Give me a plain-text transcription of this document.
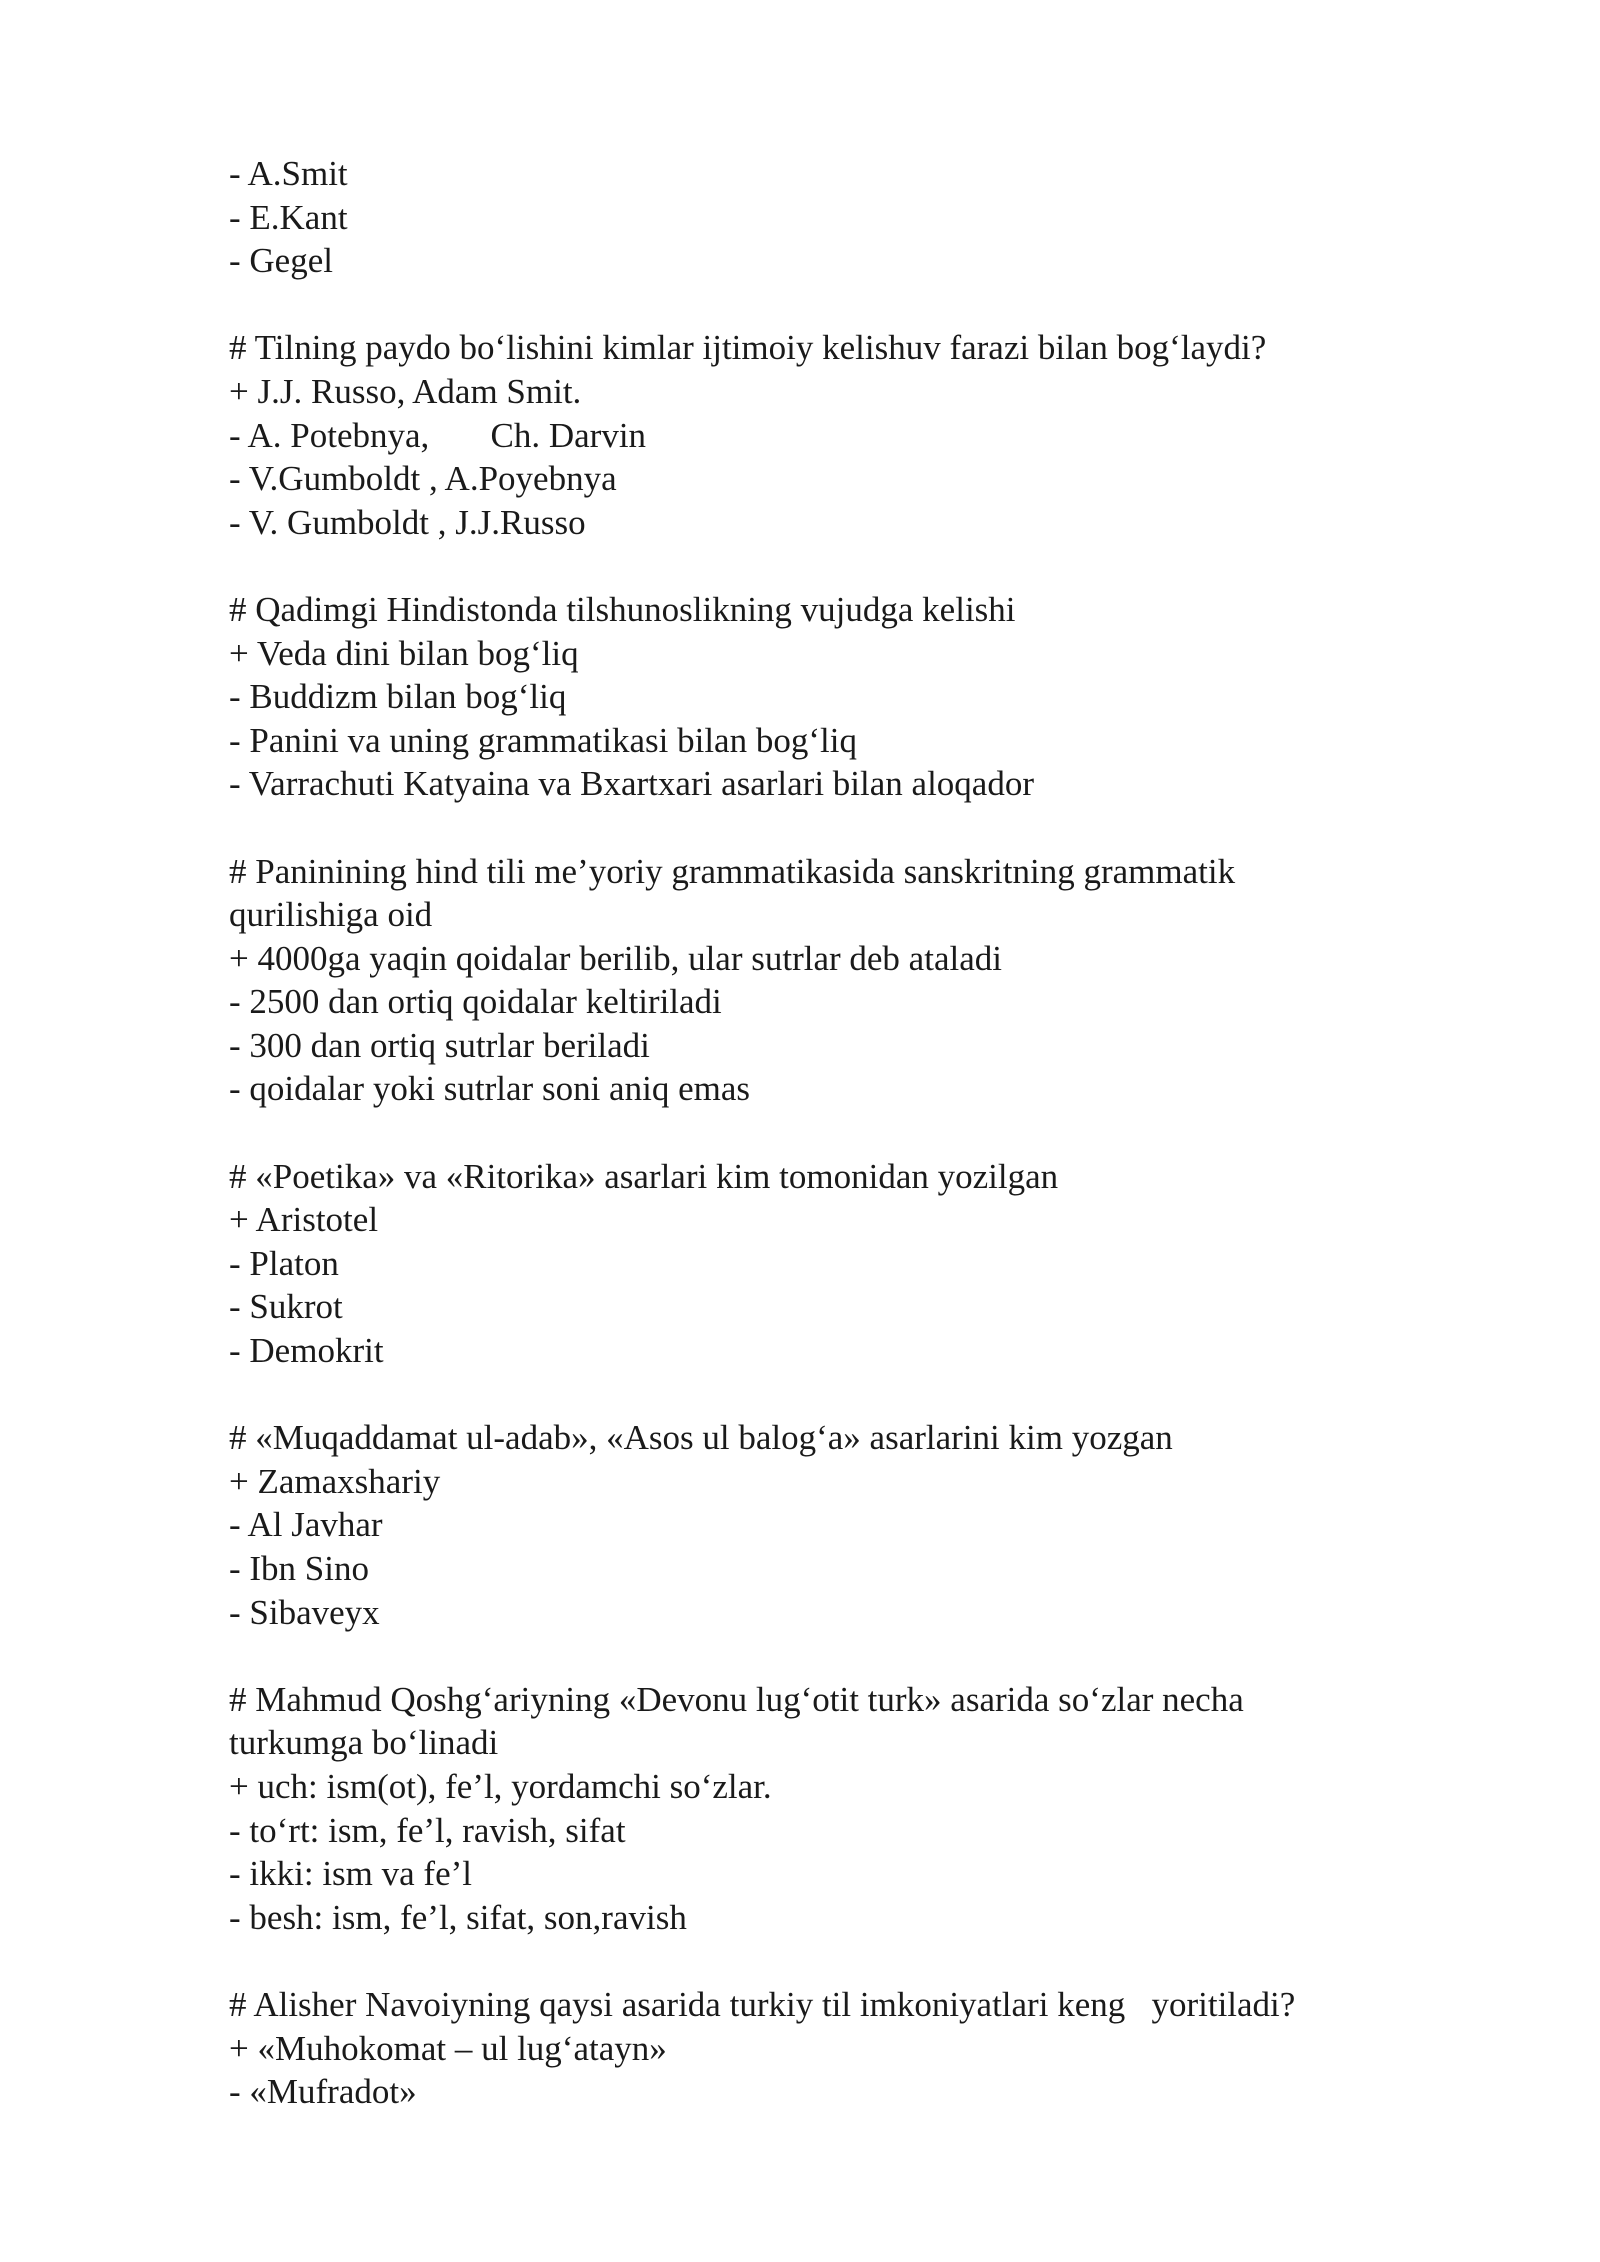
- A.Smit
- E.Kant
- Gegel
# Tilning paydo bo‘lishini kimlar ijtimoiy kelishuv farazi bilan bog‘laydi?
+ J.J. Russo, Adam Smit.
- A. Potebnya,       Ch. Darvin
- V.Gumboldt , A.Poyebnya
- V. Gumboldt , J.J.Russo
# Qadimgi Hindistonda tilshunoslikning vujudga kelishi
+ Veda dini bilan bog‘liq
- Buddizm bilan bog‘liq
- Panini va uning grammatikasi bilan bog‘liq
- Varrachuti Katyaina va Bxartxari asarlari bilan aloqador
# Paninining hind tili me’yoriy grammatikasida sanskritning grammatik
qurilishiga oid
+ 4000ga yaqin qoidalar berilib, ular sutrlar deb ataladi
- 2500 dan ortiq qoidalar keltiriladi
- 300 dan ortiq sutrlar beriladi
- qoidalar yoki sutrlar soni aniq emas
# «Poetika» va «Ritorika» asarlari kim tomonidan yozilgan
+ Aristotel
- Platon
- Sukrot
- Demokrit
# «Muqaddamat ul-adab», «Asos ul balog‘a» asarlarini kim yozgan
+ Zamaxshariy
- Al Javhar
- Ibn Sino
- Sibaveyx
# Mahmud Qoshg‘ariyning «Devonu lug‘otit turk» asarida so‘zlar necha
turkumga bo‘linadi
+ uch: ism(ot), fe’l, yordamchi so‘zlar.
- to‘rt: ism, fe’l, ravish, sifat
- ikki: ism va fe’l
- besh: ism, fe’l, sifat, son,ravish
# Alisher Navoiyning qaysi asarida turkiy til imkoniyatlari keng   yoritiladi?
+ «Muhokomat – ul lug‘atayn»
- «Mufradot»
